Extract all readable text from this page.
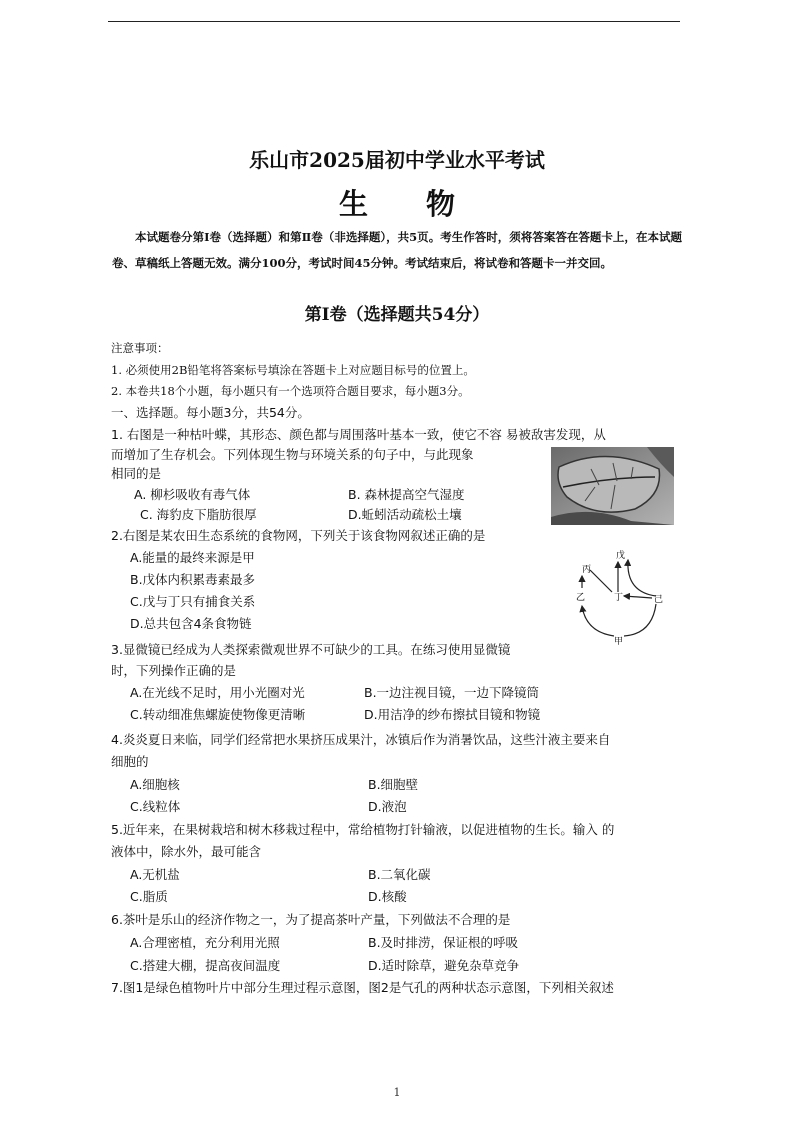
乐山市2025届初中学业水平考试
生 物
本试题卷分第Ⅰ卷（选择题）和第Ⅱ卷（非选择题），共5页。考生作答时，须将答案答在答题卡上，在本试题卷、草稿纸上答题无效。满分100分，考试时间45分钟。考试结束后，将试卷和答题卡一并交回。
第Ⅰ卷（选择题共54分）
注意事项：
1. 必须使用2B铅笔将答案标号填涂在答题卡上对应题目标号的位置上。
2. 本卷共18个小题，每小题只有一个选项符合题目要求，每小题3分。
一、选择题。每小题3分，共54分。
1. 右图是一种枯叶蝶，其形态、颜色都与周围落叶基本一致，使它不容 易被敌害发现，从
而增加了生存机会。下列体现生物与环境关系的句子中，与此现象
相同的是
A. 柳杉吸收有毒气体	B. 森林提高空气湿度
C. 海豹皮下脂肪很厚	D.蚯蚓活动疏松土壤
2.右图是某农田生态系统的食物网，下列关于该食物网叙述正确的是
A.能量的最终来源是甲
B.戊体内积累毒素最多
C.戊与丁只有捕食关系
D.总共包含4条食物链
戊
丙
乙	丁
甲
己
3.显微镜已经成为人类探索微观世界不可缺少的工具。在练习使用显微镜
时，下列操作正确的是
A.在光线不足时，用小光圈对光	B.一边注视目镜，一边下降镜筒
C.转动细准焦螺旋使物像更清晰	D.用洁净的纱布擦拭目镜和物镜
4.炎炎夏日来临，同学们经常把水果挤压成果汁，冰镇后作为消暑饮品，这些汁液主要来自
细胞的
A.细胞核	B.细胞壁
C.线粒体	D.液泡
5.近年来，在果树栽培和树木移栽过程中，常给植物打针输液，以促进植物的生长。输入 的
液体中，除水外，最可能含
A.无机盐	B.二氧化碳
C.脂质	D.核酸
6.茶叶是乐山的经济作物之一，为了提高茶叶产量，下列做法不合理的是
A.合理密植，充分利用光照	B.及时排涝，保证根的呼吸
C.搭建大棚，提高夜间温度	D.适时除草，避免杂草竞争
7.图1是绿色植物叶片中部分生理过程示意图，图2是气孔的两种状态示意图，下列相关叙述
1
